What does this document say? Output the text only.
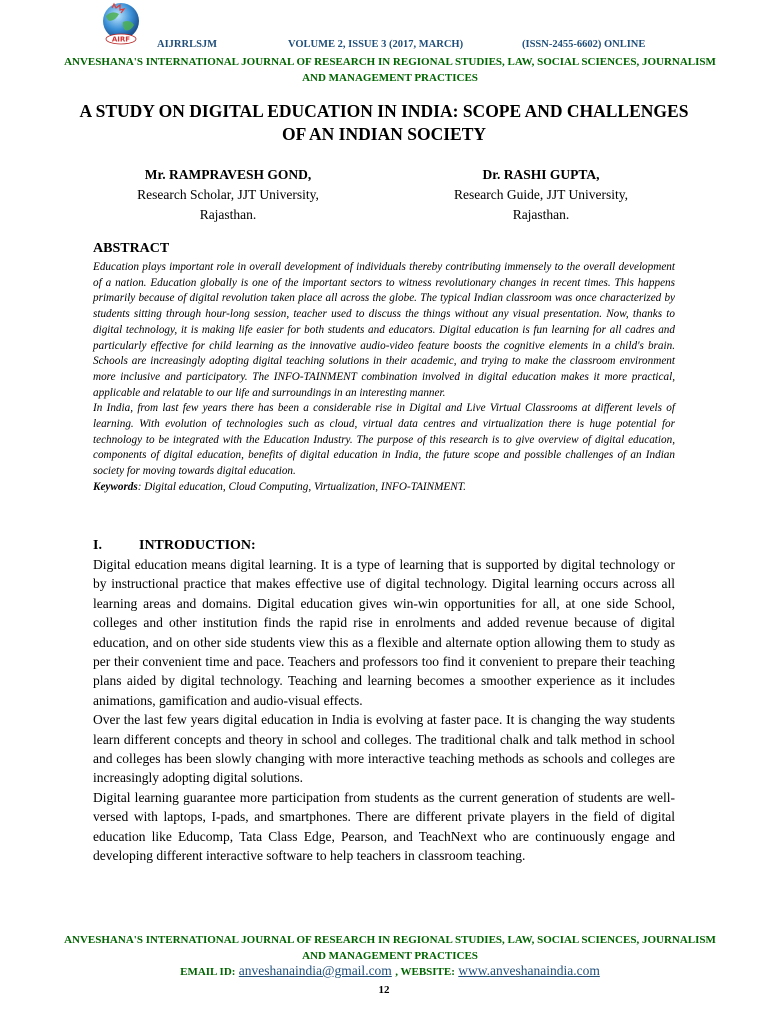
AIRF	AIJRRLSJM	VOLUME 2, ISSUE 3 (2017, MARCH)	(ISSN-2455-6602) ONLINE
ANVESHANA'S INTERNATIONAL JOURNAL OF RESEARCH IN REGIONAL STUDIES, LAW, SOCIAL SCIENCES, JOURNALISM AND MANAGEMENT PRACTICES
A STUDY ON DIGITAL EDUCATION IN INDIA: SCOPE AND CHALLENGES OF AN INDIAN SOCIETY
Mr. RAMPRAVESH GOND,
Research Scholar, JJT University,
Rajasthan.
Dr. RASHI GUPTA,
Research Guide, JJT University,
Rajasthan.
ABSTRACT

Education plays important role in overall development of individuals thereby contributing immensely to the overall development of a nation. Education globally is one of the important sectors to witness revolutionary changes in recent times. This happens primarily because of digital revolution taken place all across the globe. The typical Indian classroom was once characterized by students sitting through hour-long session, teacher used to discuss the things without any visual presentation. Now, thanks to digital technology, it is making life easier for both students and educators. Digital education is fun learning for all cadres and particularly effective for child learning as the innovative audio-video feature boosts the cognitive elements in a child's brain. Schools are increasingly adopting digital teaching solutions in their academic, and trying to make the classroom environment more inclusive and participatory. The INFO-TAINMENT combination involved in digital education makes it more practical, applicable and relatable to our life and surroundings in an interesting manner.

In India, from last few years there has been a considerable rise in Digital and Live Virtual Classrooms at different levels of learning. With evolution of technologies such as cloud, virtual data centres and virtualization there is huge potential for technology to be integrated with the Education Industry. The purpose of this research is to give overview of digital education, components of digital education, benefits of digital education in India, the future scope and possible challenges of an Indian society for moving towards digital education.

Keywords: Digital education, Cloud Computing, Virtualization, INFO-TAINMENT.

I.	INTRODUCTION:

Digital education means digital learning. It is a type of learning that is supported by digital technology or by instructional practice that makes effective use of digital technology. Digital learning occurs across all learning areas and domains. Digital education gives win-win opportunities for all, at one side School, colleges and other institution finds the rapid rise in enrolments and added revenue because of digital education, and on other side students view this as a flexible and alternate option allowing them to study as per their convenient time and pace. Teachers and professors too find it convenient to prepare their teaching plans aided by digital technology. Teaching and learning becomes a smoother experience as it includes animations, gamification and audio-visual effects.

Over the last few years digital education in India is evolving at faster pace. It is changing the way students learn different concepts and theory in school and colleges. The traditional chalk and talk method in school and colleges has been slowly changing with more interactive teaching methods as schools and colleges are increasingly adopting digital solutions.

Digital learning guarantee more participation from students as the current generation of students are well-versed with laptops, I-pads, and smartphones. There are different private players in the field of digital education like Educomp, Tata Class Edge, Pearson, and TeachNext who are continuously engage and developing different interactive software to help teachers in classroom teaching.

ANVESHANA'S INTERNATIONAL JOURNAL OF RESEARCH IN REGIONAL STUDIES, LAW, SOCIAL SCIENCES, JOURNALISM AND MANAGEMENT PRACTICES
EMAIL ID: anveshanaindia@gmail.com , WEBSITE: www.anveshanaindia.com
12
